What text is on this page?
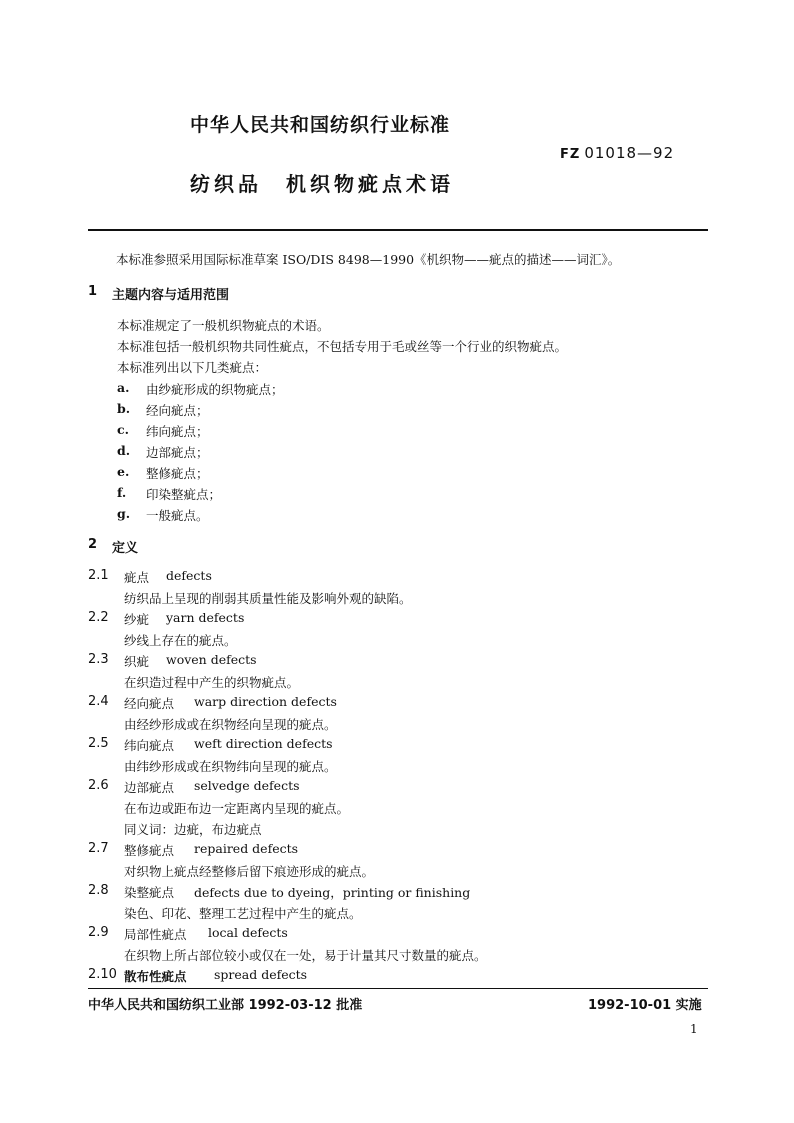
中华人民共和国纺织行业标准
FZ 01018—92
纺织品　机织物疵点术语
本标准参照采用国际标准草案 ISO/DIS 8498—1990《机织物——疵点的描述——词汇》。
1 主题内容与适用范围
本标准规定了一般机织物疵点的术语。
本标准包括一般机织物共同性疵点，不包括专用于毛或丝等一个行业的织物疵点。
本标准列出以下几类疵点：
a. 由纱疵形成的织物疵点；
b. 经向疵点；
c. 纬向疵点；
d. 边部疵点；
e. 整修疵点；
f. 印染整疵点；
g. 一般疵点。
2 定义
2.1 疵点 defects
纺织品上呈现的削弱其质量性能及影响外观的缺陷。
2.2 纱疵 yarn defects
纱线上存在的疵点。
2.3 织疵 woven defects
在织造过程中产生的织物疵点。
2.4 经向疵点 warp direction defects
由经纱形成或在织物经向呈现的疵点。
2.5 纬向疵点 weft direction defects
由纬纱形成或在织物纬向呈现的疵点。
2.6 边部疵点 selvedge defects
在布边或距布边一定距离内呈现的疵点。
同义词：边疵，布边疵点
2.7 整修疵点 repaired defects
对织物上疵点经整修后留下痕迹形成的疵点。
2.8 染整疵点 defects due to dyeing，printing or finishing
染色、印花、整理工艺过程中产生的疵点。
2.9 局部性疵点 local defects
在织物上所占部位较小或仅在一处，易于计量其尺寸数量的疵点。
2.10 散布性疵点 spread defects
中华人民共和国纺织工业部 1992-03-12 批准	1992-10-01 实施
1
